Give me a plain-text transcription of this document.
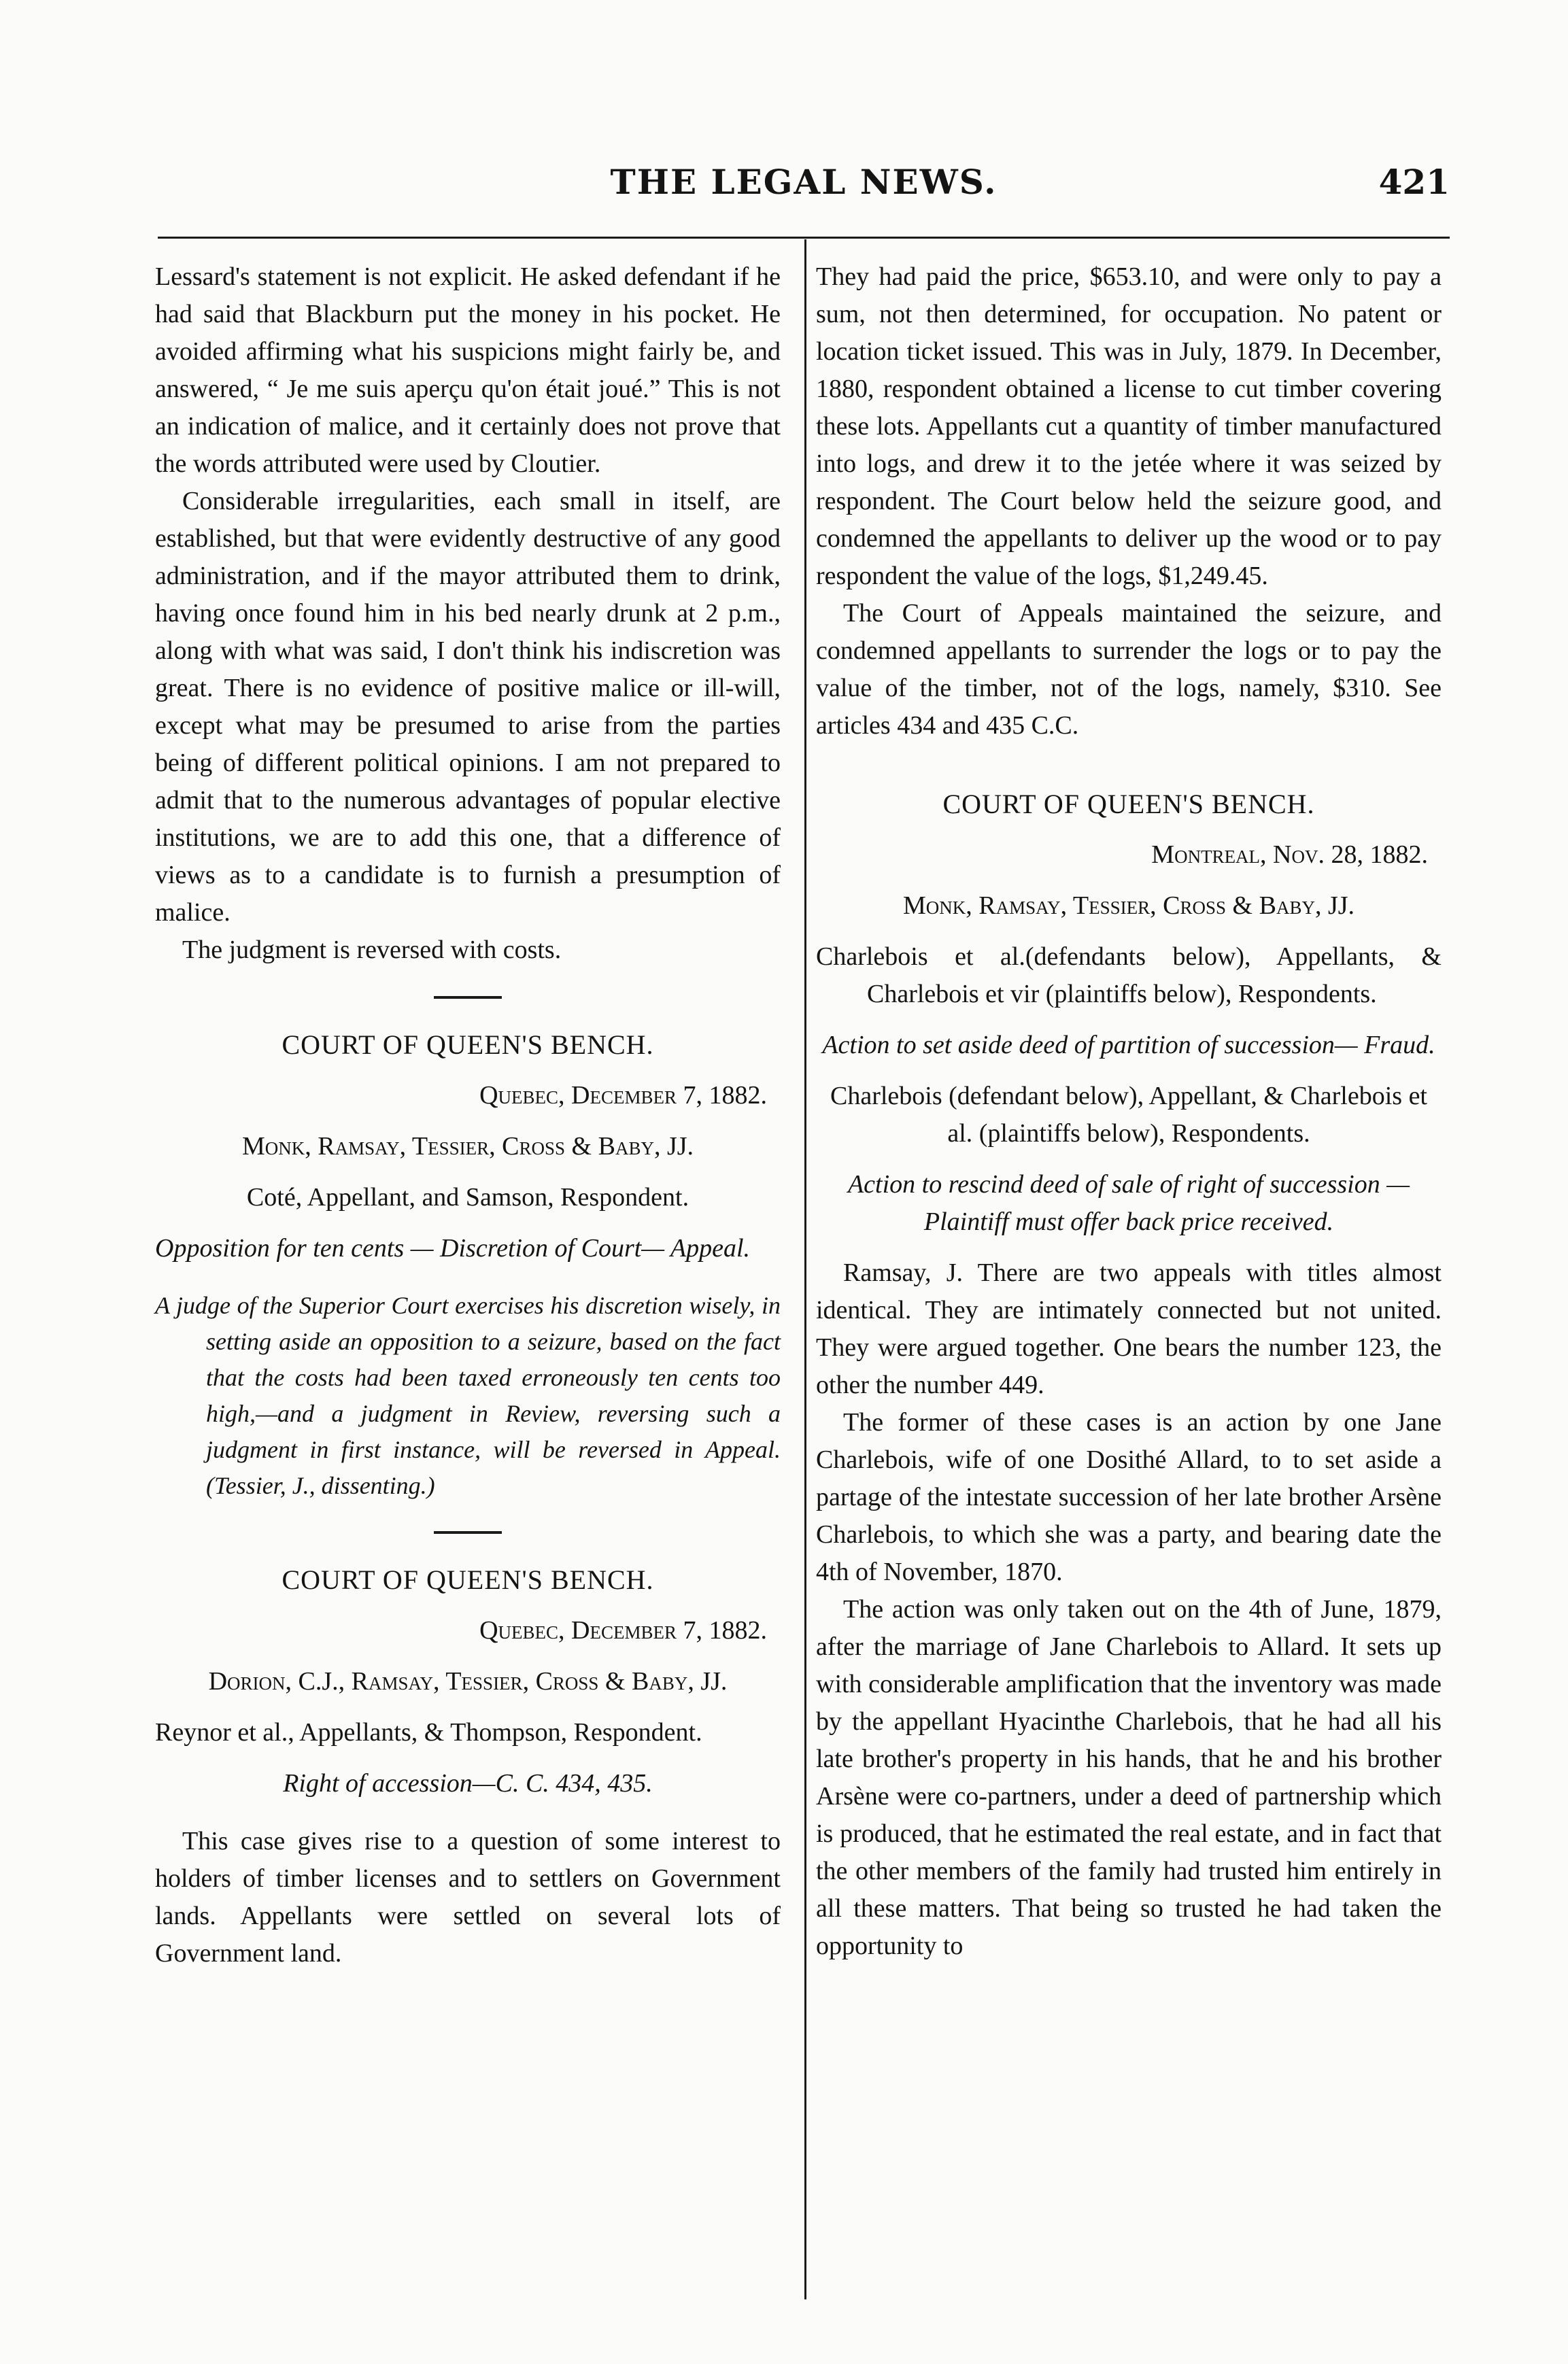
THE LEGAL NEWS.	421

Lessard's statement is not explicit. He asked defendant if he had said that Blackburn put the money in his pocket. He avoided affirming what his suspicions might fairly be, and answered, “ Je me suis aperçu qu'on était joué.” This is not an indication of malice, and it certainly does not prove that the words attributed were used by Cloutier.

Considerable irregularities, each small in itself, are established, but that were evidently destructive of any good administration, and if the mayor attributed them to drink, having once found him in his bed nearly drunk at 2 p.m., along with what was said, I don't think his indiscretion was great. There is no evidence of positive malice or ill-will, except what may be presumed to arise from the parties being of different political opinions. I am not prepared to admit that to the numerous advantages of popular elective institutions, we are to add this one, that a difference of views as to a candidate is to furnish a presumption of malice.

The judgment is reversed with costs.

COURT OF QUEEN'S BENCH.

Quebec, December 7, 1882.

Monk, Ramsay, Tessier, Cross & Baby, JJ.

Coté, Appellant, and Samson, Respondent.

Opposition for ten cents — Discretion of Court— Appeal.

A judge of the Superior Court exercises his discretion wisely, in setting aside an opposition to a seizure, based on the fact that the costs had been taxed erroneously ten cents too high,—and a judgment in Review, reversing such a judgment in first instance, will be reversed in Appeal. (Tessier, J., dissenting.)

COURT OF QUEEN'S BENCH.

Quebec, December 7, 1882.

Dorion, C.J., Ramsay, Tessier, Cross & Baby, JJ.

Reynor et al., Appellants, & Thompson, Respondent.

Right of accession—C. C. 434, 435.

This case gives rise to a question of some interest to holders of timber licenses and to settlers on Government lands. Appellants were settled on several lots of Government land.

They had paid the price, $653.10, and were only to pay a sum, not then determined, for occupation. No patent or location ticket issued. This was in July, 1879. In December, 1880, respondent obtained a license to cut timber covering these lots. Appellants cut a quantity of timber manufactured into logs, and drew it to the jetée where it was seized by respondent. The Court below held the seizure good, and condemned the appellants to deliver up the wood or to pay respondent the value of the logs, $1,249.45.

The Court of Appeals maintained the seizure, and condemned appellants to surrender the logs or to pay the value of the timber, not of the logs, namely, $310. See articles 434 and 435 C.C.

COURT OF QUEEN'S BENCH.

Montreal, Nov. 28, 1882.

Monk, Ramsay, Tessier, Cross & Baby, JJ.

Charlebois et al.(defendants below), Appellants, & Charlebois et vir (plaintiffs below), Respondents.

Action to set aside deed of partition of succession— Fraud.

Charlebois (defendant below), Appellant, & Charlebois et al. (plaintiffs below), Respondents.

Action to rescind deed of sale of right of succession —Plaintiff must offer back price received.

Ramsay, J. There are two appeals with titles almost identical. They are intimately connected but not united. They were argued together. One bears the number 123, the other the number 449.

The former of these cases is an action by one Jane Charlebois, wife of one Dosithé Allard, to to set aside a partage of the intestate succession of her late brother Arsène Charlebois, to which she was a party, and bearing date the 4th of November, 1870.

The action was only taken out on the 4th of June, 1879, after the marriage of Jane Charlebois to Allard. It sets up with considerable amplification that the inventory was made by the appellant Hyacinthe Charlebois, that he had all his late brother's property in his hands, that he and his brother Arsène were co-partners, under a deed of partnership which is produced, that he estimated the real estate, and in fact that the other members of the family had trusted him entirely in all these matters. That being so trusted he had taken the opportunity to
